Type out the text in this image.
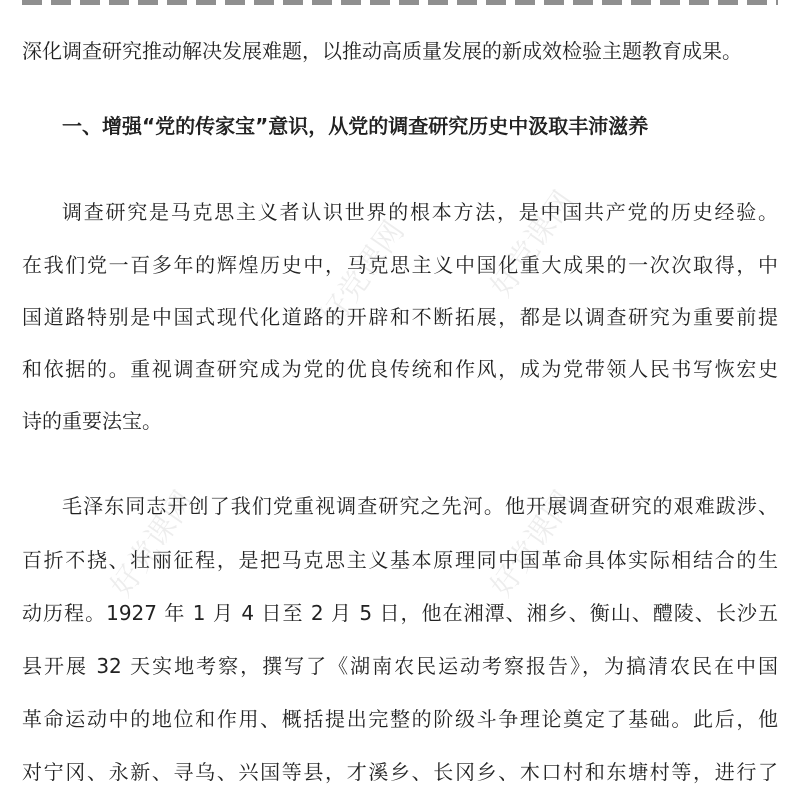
好党课网 好党课网
好党课网	好党课网
深化调查研究推动解决发展难题，以推动高质量发展的新成效检验主题教育成果。
一、增强“党的传家宝”意识，从党的调查研究历史中汲取丰沛滋养
调查研究是马克思主义者认识世界的根本方法，是中国共产党的历史经验。
在我们党一百多年的辉煌历史中，马克思主义中国化重大成果的一次次取得，中
国道路特别是中国式现代化道路的开辟和不断拓展，都是以调查研究为重要前提
和依据的。重视调查研究成为党的优良传统和作风，成为党带领人民书写恢宏史
诗的重要法宝。
毛泽东同志开创了我们党重视调查研究之先河。他开展调查研究的艰难跋涉、
百折不挠、壮丽征程，是把马克思主义基本原理同中国革命具体实际相结合的生
动历程。1927 年 1 月 4 日至 2 月 5 日，他在湘潭、湘乡、衡山、醴陵、长沙五
县开展 32 天实地考察，撰写了《湖南农民运动考察报告》，为搞清农民在中国
革命运动中的地位和作用、概括提出完整的阶级斗争理论奠定了基础。此后，他
对宁冈、永新、寻乌、兴国等县，才溪乡、长冈乡、木口村和东塘村等，进行了
